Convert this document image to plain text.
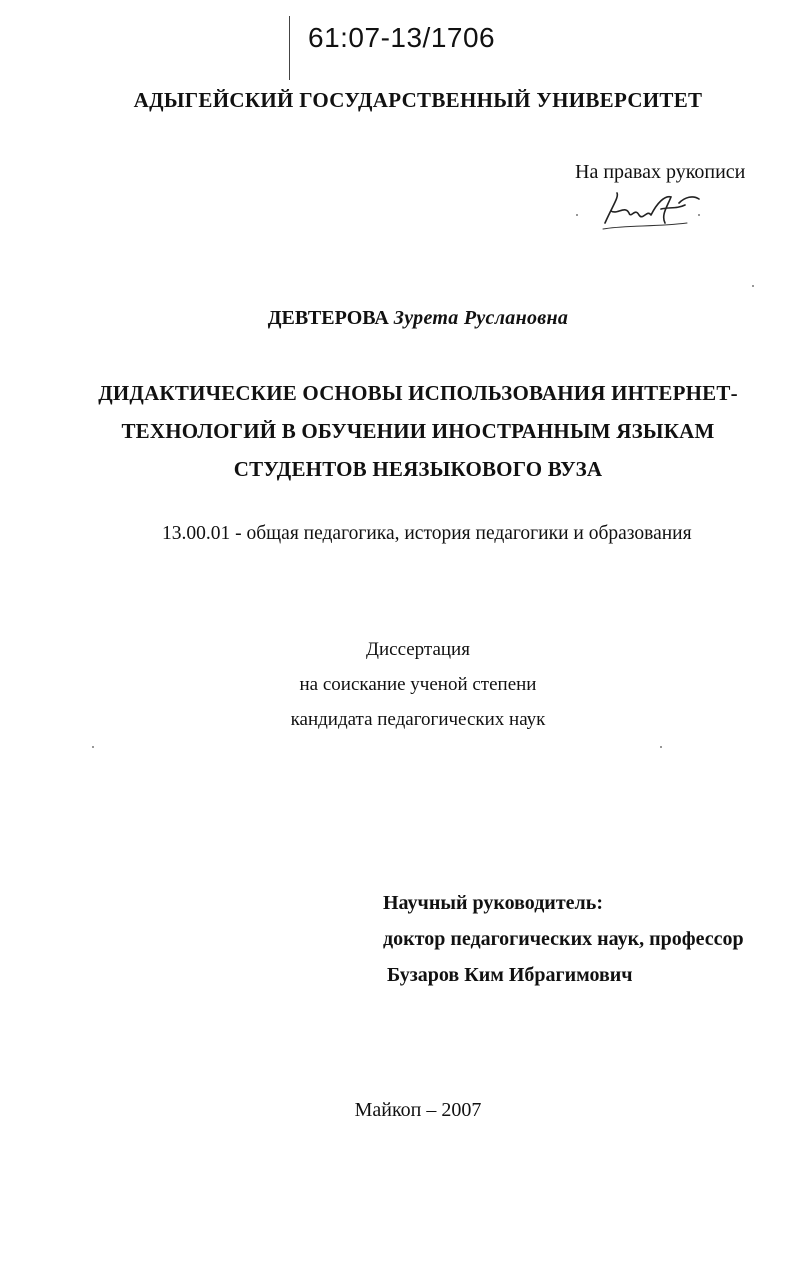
61:07-13/1706
АДЫГЕЙСКИЙ ГОСУДАРСТВЕННЫЙ УНИВЕРСИТЕТ
На правах рукописи
ДЕВТЕРОВА Зурета Руслановна
ДИДАКТИЧЕСКИЕ ОСНОВЫ ИСПОЛЬЗОВАНИЯ ИНТЕРНЕТ-
ТЕХНОЛОГИЙ В ОБУЧЕНИИ ИНОСТРАННЫМ ЯЗЫКАМ
СТУДЕНТОВ НЕЯЗЫКОВОГО ВУЗА
13.00.01 - общая педагогика, история педагогики и образования
Диссертация
на соискание ученой степени
кандидата педагогических наук
Научный руководитель:
доктор педагогических наук, профессор
Бузаров Ким Ибрагимович
Майкоп – 2007
